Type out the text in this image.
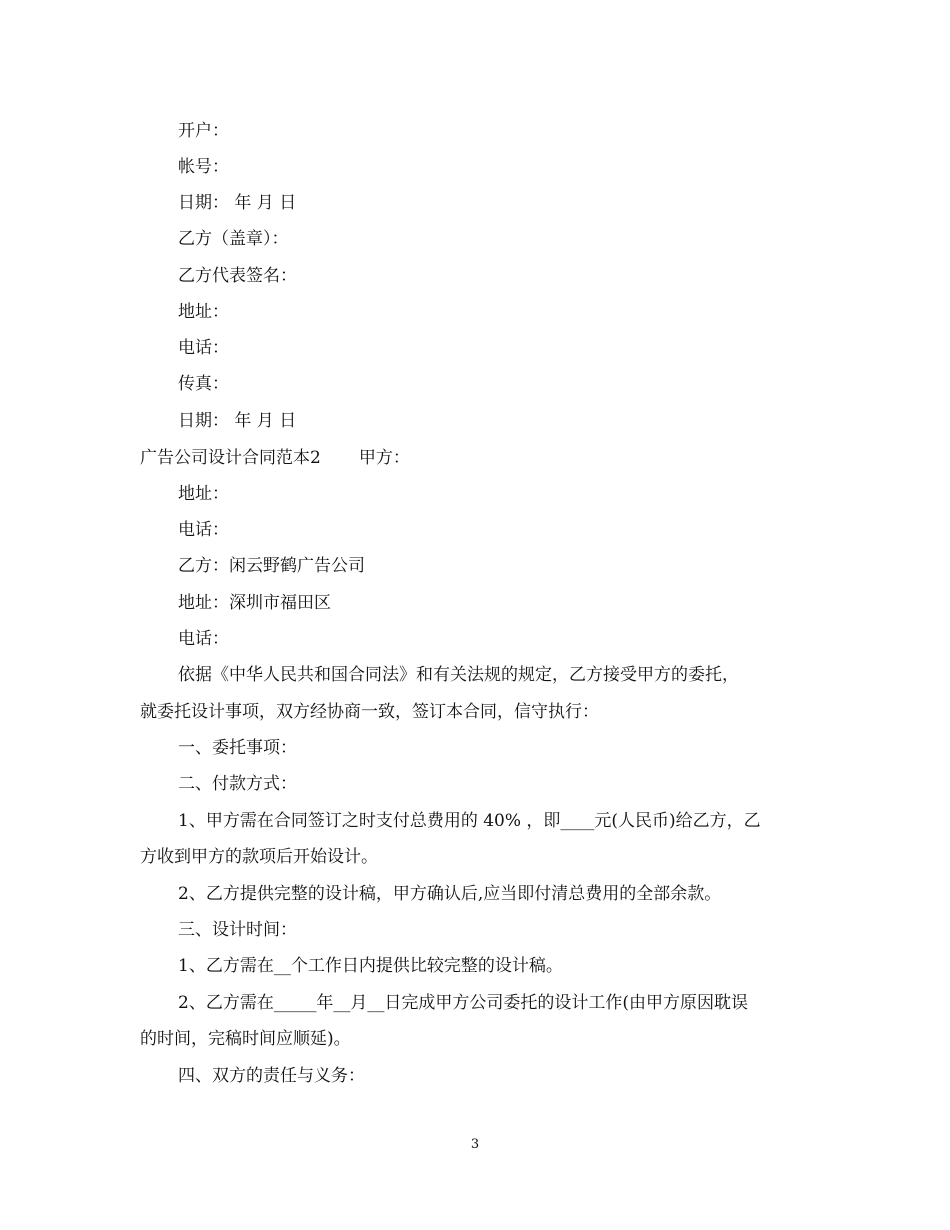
开户：
帐号：
日期： 年 月 日
乙方（盖章）：
乙方代表签名：
地址：
电话：
传真：
日期： 年 月 日
广告公司设计合同范本2 甲方：
地址：
电话：
乙方：闲云野鹤广告公司
地址：深圳市福田区
电话：
依据《中华人民共和国合同法》和有关法规的规定，乙方接受甲方的委托，
就委托设计事项，双方经协商一致，签订本合同，信守执行：
一、委托事项：
二、付款方式：
1、甲方需在合同签订之时支付总费用的 40% ，即____元(人民币)给乙方，乙
方收到甲方的款项后开始设计。
2、乙方提供完整的设计稿，甲方确认后,应当即付清总费用的全部余款。
三、设计时间：
1、乙方需在__个工作日内提供比较完整的设计稿。
2、乙方需在_____年__月__日完成甲方公司委托的设计工作(由甲方原因耽误
的时间，完稿时间应顺延)。
四、双方的责任与义务：
3
